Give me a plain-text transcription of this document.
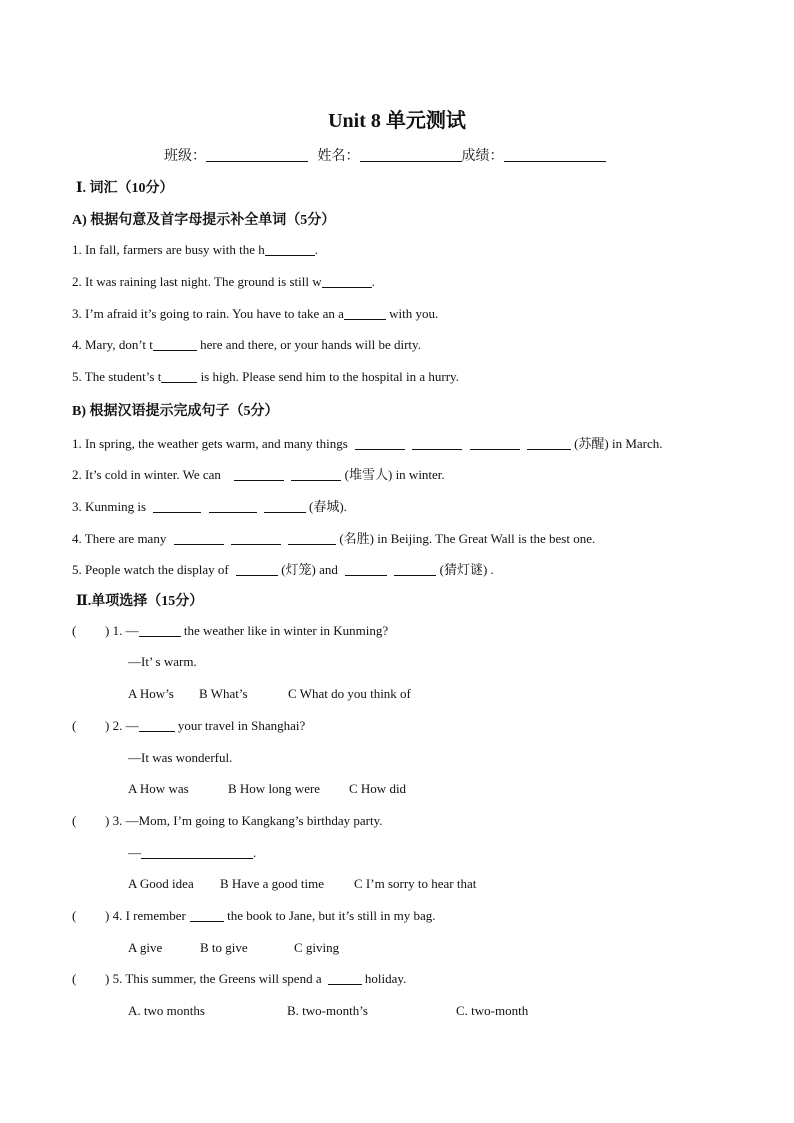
Unit 8 单元测试
班级：	姓名：	成绩：
Ⅰ. 词汇（10分）
A) 根据句意及首字母提示补全单词（5分）
1. In fall, farmers are busy with the h	.
2. It was raining last night. The ground is still w	.
3. I’m afraid it’s going to rain. You have to take an a	with you.
4. Mary, don’t t	here and there, or your hands will be dirty.
5. The student’s t	is high. Please send him to the hospital in a hurry.
B) 根据汉语提示完成句子（5分）
1. In spring, the weather gets warm, and many things	(苏醒) in March.
2. It’s cold in winter. We can	(堆雪人) in winter.
3. Kunming is	(春城).
4. There are many	(名胜) in Beijing. The Great Wall is the best one.
5. People watch the display of	(灯笼) and	(猜灯谜) .
Ⅱ.单项选择（15分）
( ) 1. —	the weather like in winter in Kunming?
—It’ s warm.
A How’s B What’s	C What do you think of
( ) 2. —	your travel in Shanghai?
—It was wonderful.
A How was	B How long were C How did
( ) 3. —Mom, I’m going to Kangkang’s birthday party.
—	.
A Good idea B Have a good time C I’m sorry to hear that
( ) 4. I remember	the book to Jane, but it’s still in my bag.
A give	B to give	C giving
( ) 5. This summer, the Greens will spend a	holiday.
A. two months	B. two-month’s	C. two-month
